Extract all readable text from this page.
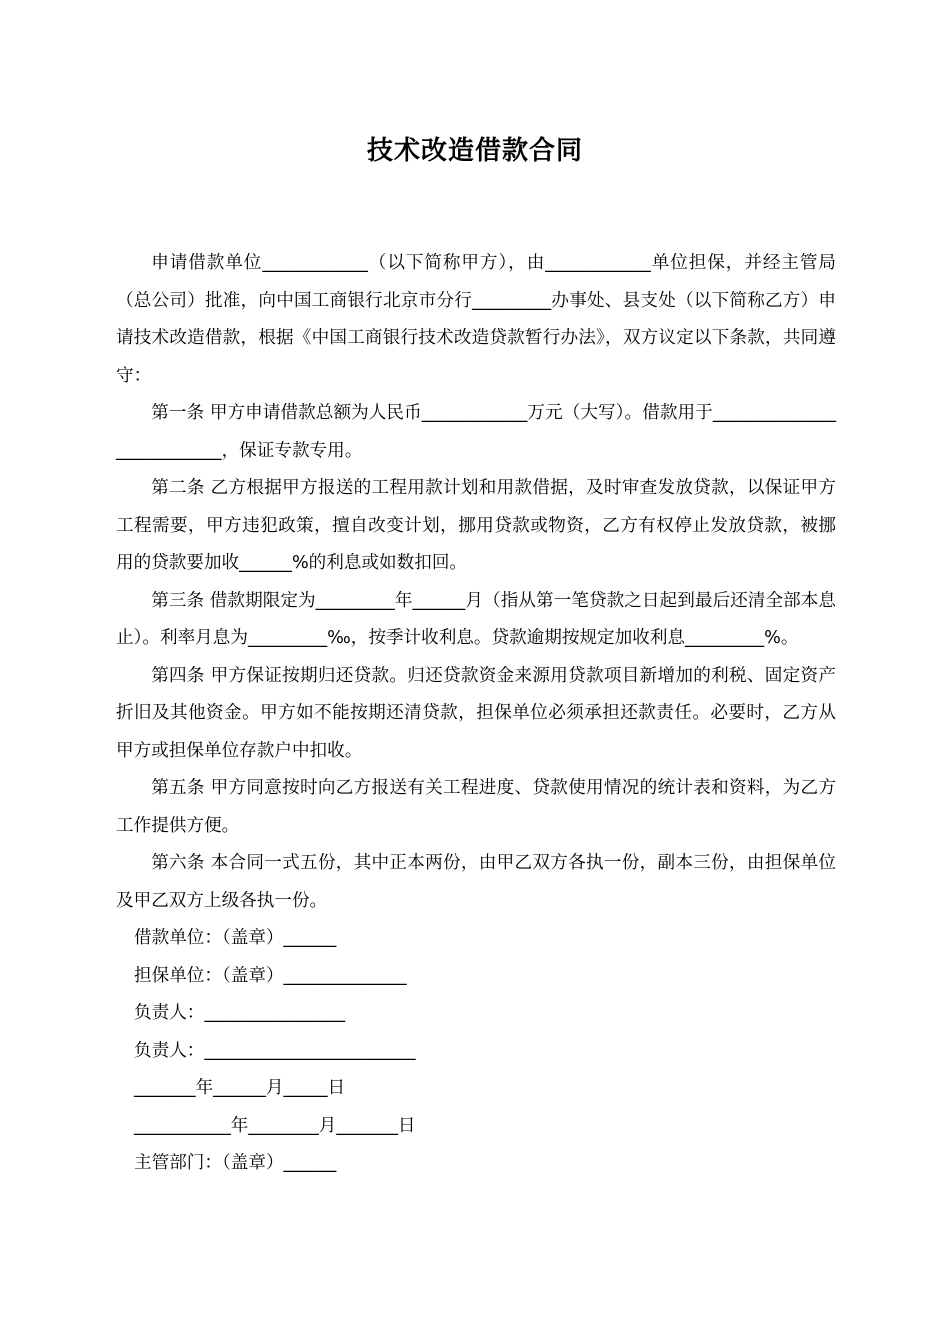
技术改造借款合同

申请借款单位____________（以下简称甲方），由____________单位担保，并经主管局（总公司）批准，向中国工商银行北京市分行_________办事处、县支处（以下简称乙方）申请技术改造借款，根据《中国工商银行技术改造贷款暂行办法》，双方议定以下条款，共同遵守：

第一条 甲方申请借款总额为人民币____________万元（大写）。借款用于__________________________，保证专款专用。

第二条 乙方根据甲方报送的工程用款计划和用款借据，及时审查发放贷款，以保证甲方工程需要，甲方违犯政策，擅自改变计划，挪用贷款或物资，乙方有权停止发放贷款，被挪用的贷款要加收______%的利息或如数扣回。

第三条 借款期限定为_________年______月（指从第一笔贷款之日起到最后还清全部本息止）。利率月息为_________‰，按季计收利息。贷款逾期按规定加收利息_________%。

第四条 甲方保证按期归还贷款。归还贷款资金来源用贷款项目新增加的利税、固定资产折旧及其他资金。甲方如不能按期还清贷款，担保单位必须承担还款责任。必要时，乙方从甲方或担保单位存款户中扣收。

第五条 甲方同意按时向乙方报送有关工程进度、贷款使用情况的统计表和资料，为乙方工作提供方便。

第六条 本合同一式五份，其中正本两份，由甲乙双方各执一份，副本三份，由担保单位及甲乙双方上级各执一份。

借款单位：（盖章）______

担保单位：（盖章）______________

负责人：________________

负责人：________________________

_______年______月_____日

___________年________月_______日

主管部门：（盖章）______
